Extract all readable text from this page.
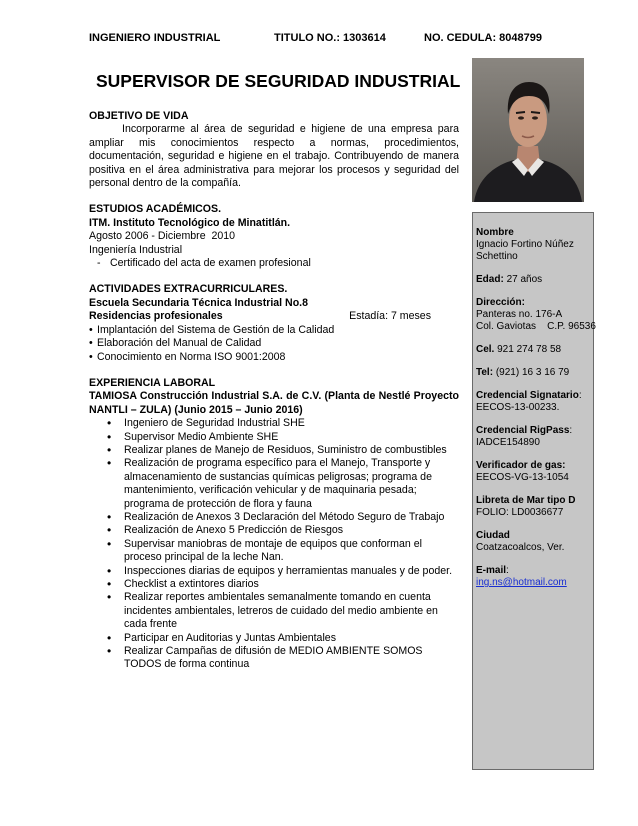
INGENIERO INDUSTRIAL	TITULO NO.: 1303614	NO. CEDULA: 8048799
SUPERVISOR DE SEGURIDAD INDUSTRIAL
Nombre
Ignacio Fortino Núñez Schettino
Edad: 27 años
Dirección:
Panteras no. 176-A
Col. Gaviotas    C.P. 96536
Cel. 921 274 78 58
Tel: (921) 16 3 16 79
Credencial Signatario:
EECOS-13-00233.
Credencial RigPass:
IADCE154890
Verificador de gas:
EECOS-VG-13-1054
Libreta de Mar tipo D
FOLIO: LD0036677
Ciudad
Coatzacoalcos, Ver.
E-mail: ing.ns@hotmail.com
OBJETIVO DE VIDA
Incorporarme al área de seguridad e higiene de una empresa para ampliar mis conocimientos respecto a normas, procedimientos, documentación, seguridad e higiene en el trabajo. Contribuyendo de manera positiva en el área administrativa para mejorar los procesos y seguridad del personal dentro de la compañía.
ESTUDIOS ACADÉMICOS.
ITM. Instituto Tecnológico de Minatitlán.
Agosto 2006 - Diciembre  2010
Ingeniería Industrial
- Certificado del acta de examen profesional
ACTIVIDADES EXTRACURRICULARES.
Escuela Secundaria Técnica Industrial No.8
Residencias profesionales	Estadía: 7 meses
• Implantación del Sistema de Gestión de la Calidad
• Elaboración del Manual de Calidad
• Conocimiento en Norma ISO 9001:2008
EXPERIENCIA LABORAL
TAMIOSA Construcción Industrial S.A. de C.V. (Planta de Nestlé Proyecto NANTLI – ZULA) (Junio 2015 – Junio 2016)
•	Ingeniero de Seguridad Industrial SHE
•	Supervisor Medio Ambiente SHE
•	Realizar planes de Manejo de Residuos, Suministro de combustibles
•	Realización de programa específico para el Manejo, Transporte y almacenamiento de sustancias químicas peligrosas; programa de mantenimiento, verificación vehicular y de maquinaria pesada; programa de protección de flora y fauna
•	Realización de Anexos 3 Declaración del Método Seguro de Trabajo
•	Realización de Anexo 5 Predicción de Riesgos
•	Supervisar maniobras de montaje de equipos que conforman el proceso principal de la leche Nan.
•	Inspecciones diarias de equipos y herramientas manuales y de poder.
•	Checklist a extintores diarios
•	Realizar reportes ambientales semanalmente tomando en cuenta incidentes ambientales, letreros de cuidado del medio ambiente en cada frente
•	Participar en Auditorias y Juntas Ambientales
•	Realizar Campañas de difusión de MEDIO AMBIENTE SOMOS TODOS de forma continua
